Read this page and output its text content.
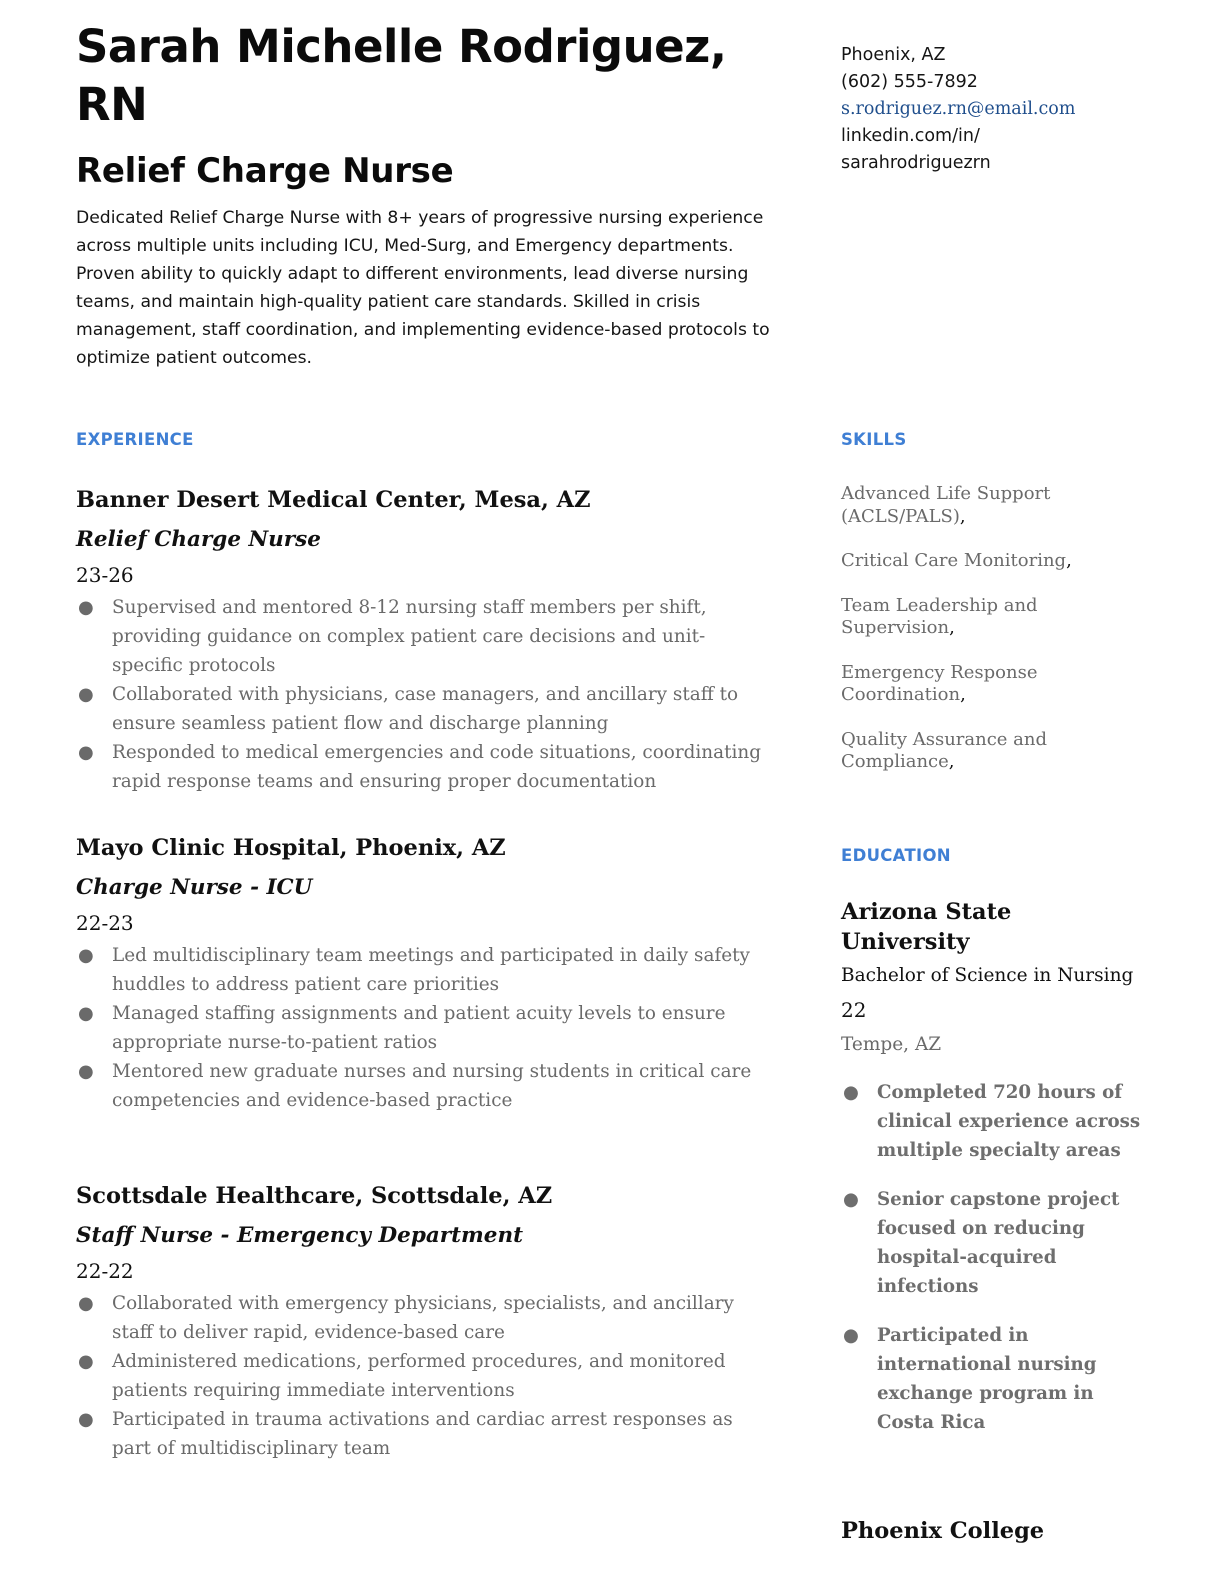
Sarah Michelle Rodriguez, RN
Relief Charge Nurse

Dedicated Relief Charge Nurse with 8+ years of progressive nursing experience across multiple units including ICU, Med-Surg, and Emergency departments. Proven ability to quickly adapt to different environments, lead diverse nursing teams, and maintain high-quality patient care standards. Skilled in crisis management, staff coordination, and implementing evidence-based protocols to optimize patient outcomes.

Phoenix, AZ
(602) 555-7892
s.rodriguez.rn@email.com
linkedin.com/in/
sarahrodriguezrn
EXPERIENCE	SKILLS
EDUCATION
Banner Desert Medical Center, Mesa, AZ
Relief Charge Nurse
23-26
● Supervised and mentored 8-12 nursing staff members per shift, providing guidance on complex patient care decisions and unit-specific protocols
● Collaborated with physicians, case managers, and ancillary staff to ensure seamless patient flow and discharge planning
● Responded to medical emergencies and code situations, coordinating rapid response teams and ensuring proper documentation
Mayo Clinic Hospital, Phoenix, AZ
Charge Nurse - ICU
22-23
● Led multidisciplinary team meetings and participated in daily safety huddles to address patient care priorities
● Managed staffing assignments and patient acuity levels to ensure appropriate nurse-to-patient ratios
● Mentored new graduate nurses and nursing students in critical care competencies and evidence-based practice
Scottsdale Healthcare, Scottsdale, AZ
Staff Nurse - Emergency Department
22-22
● Collaborated with emergency physicians, specialists, and ancillary staff to deliver rapid, evidence-based care
● Administered medications, performed procedures, and monitored patients requiring immediate interventions
● Participated in trauma activations and cardiac arrest responses as part of multidisciplinary team
Advanced Life Support (ACLS/PALS),
Critical Care Monitoring,
Team Leadership and Supervision,
Emergency Response Coordination,
Quality Assurance and Compliance,
Arizona State University
Bachelor of Science in Nursing
22
Tempe, AZ
● Completed 720 hours of clinical experience across multiple specialty areas
● Senior capstone project focused on reducing hospital-acquired infections
● Participated in international nursing exchange program in Costa Rica
Phoenix College
